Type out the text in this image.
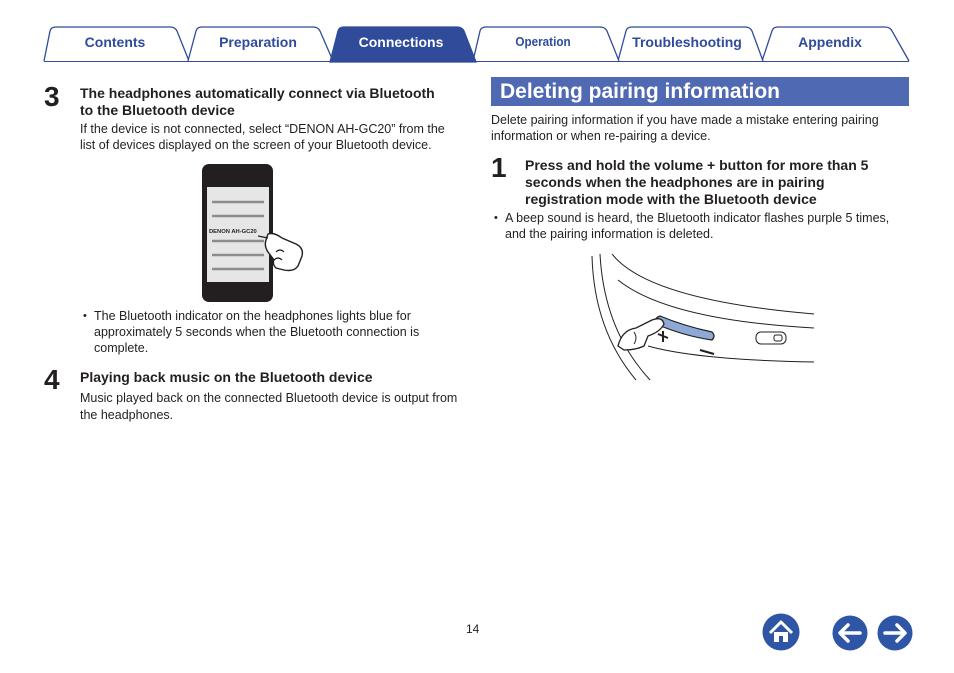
Contents	Preparation	Connections	Operation	Troubleshooting	Appendix
3 The headphones automatically connect via Bluetooth
to the Bluetooth device
If the device is not connected, select “DENON AH-GC20” from the
list of devices displayed on the screen of your Bluetooth device.
DENON AH-GC20
• The Bluetooth indicator on the headphones lights blue for
approximately 5 seconds when the Bluetooth connection is
complete.
4 Playing back music on the Bluetooth device
Music played back on the connected Bluetooth device is output from
the headphones.
Deleting pairing information
Delete pairing information if you have made a mistake entering pairing
information or when re-pairing a device.
1 Press and hold the volume + button for more than 5
seconds when the headphones are in pairing
registration mode with the Bluetooth device
• A beep sound is heard, the Bluetooth indicator flashes purple 5 times,
and the pairing information is deleted.
14
